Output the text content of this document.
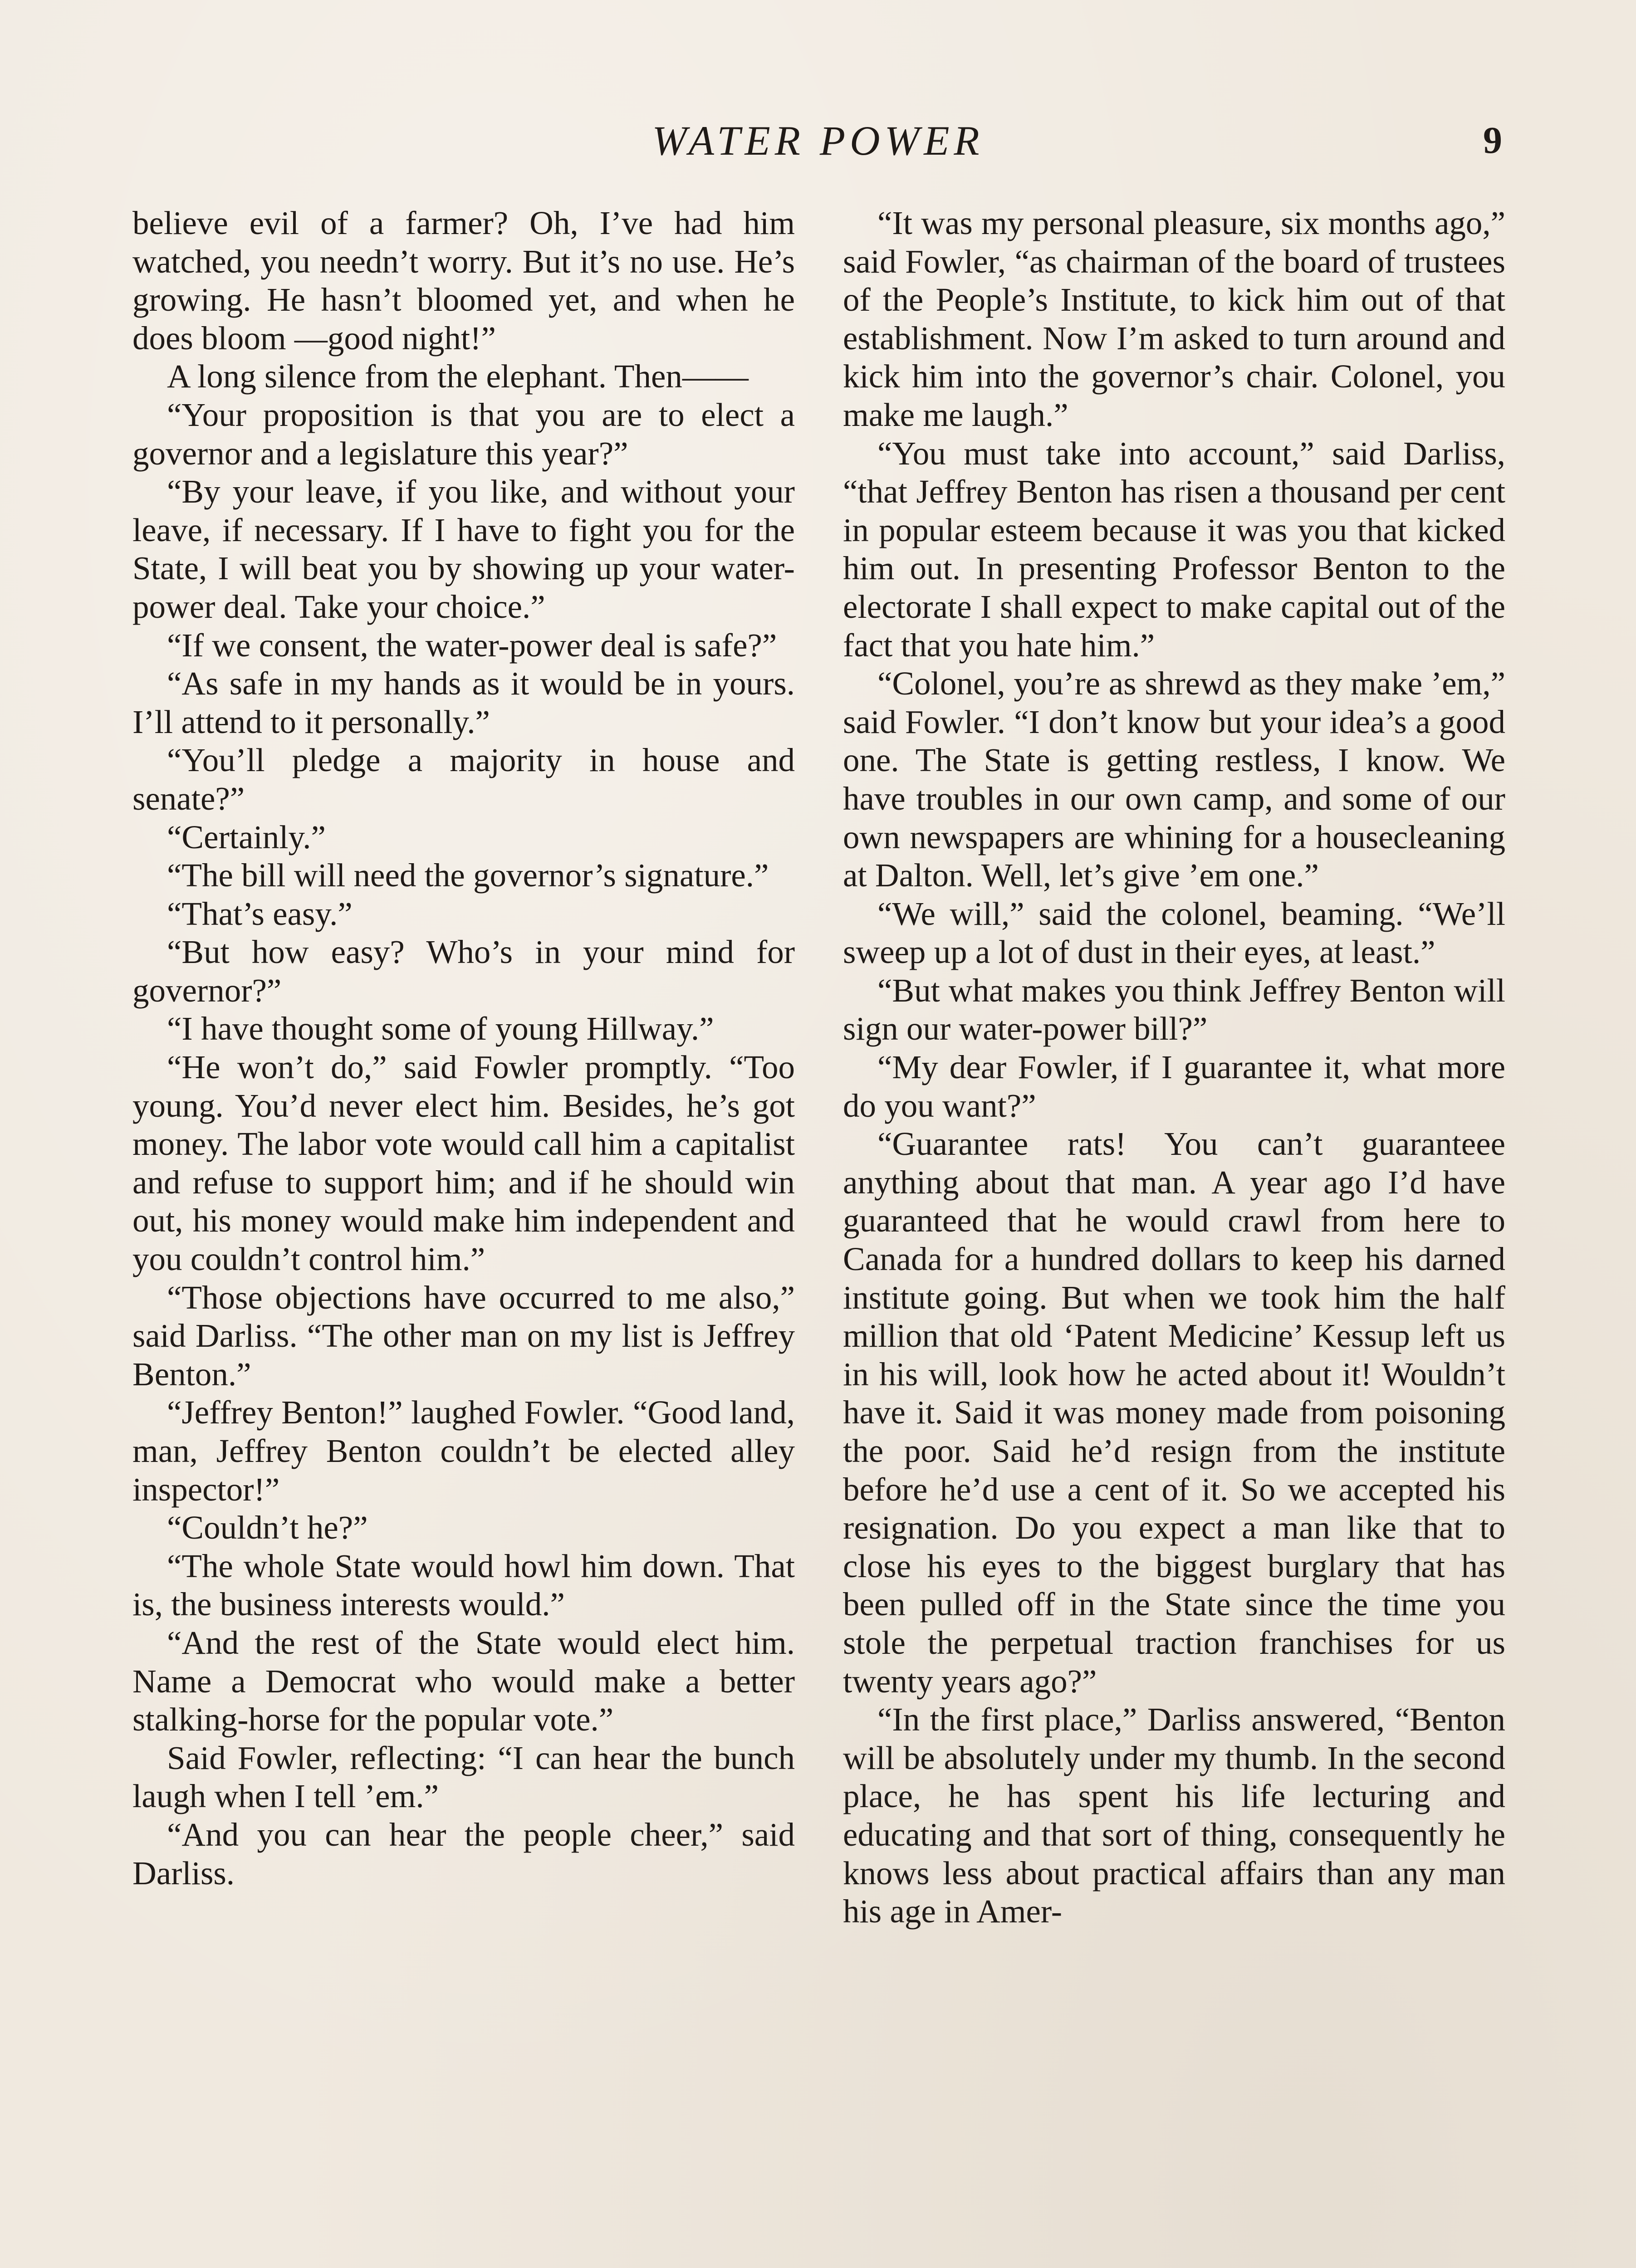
WATER POWER	9

believe evil of a farmer? Oh, I’ve had him watched, you needn’t worry. But it’s no use. He’s growing. He hasn’t bloomed yet, and when he does bloom —good night!”

A long silence from the elephant. Then——

“Your proposition is that you are to elect a governor and a legislature this year?”

“By your leave, if you like, and without your leave, if necessary. If I have to fight you for the State, I will beat you by showing up your water-power deal. Take your choice.”

“If we consent, the water-power deal is safe?”

“As safe in my hands as it would be in yours. I’ll attend to it personally.”

“You’ll pledge a majority in house and senate?”

“Certainly.”

“The bill will need the governor’s signature.”

“That’s easy.”

“But how easy? Who’s in your mind for governor?”

“I have thought some of young Hillway.”

“He won’t do,” said Fowler promptly. “Too young. You’d never elect him. Besides, he’s got money. The labor vote would call him a capitalist and refuse to support him; and if he should win out, his money would make him independent and you couldn’t control him.”

“Those objections have occurred to me also,” said Darliss. “The other man on my list is Jeffrey Benton.”

“Jeffrey Benton!” laughed Fowler. “Good land, man, Jeffrey Benton couldn’t be elected alley inspector!”

“Couldn’t he?”

“The whole State would howl him down. That is, the business interests would.”

“And the rest of the State would elect him. Name a Democrat who would make a better stalking-horse for the popular vote.”

Said Fowler, reflecting: “I can hear the bunch laugh when I tell ’em.”

“And you can hear the people cheer,” said Darliss.

“It was my personal pleasure, six months ago,” said Fowler, “as chairman of the board of trustees of the People’s Institute, to kick him out of that establishment. Now I’m asked to turn around and kick him into the governor’s chair. Colonel, you make me laugh.”

“You must take into account,” said Darliss, “that Jeffrey Benton has risen a thousand per cent in popular esteem because it was you that kicked him out. In presenting Professor Benton to the electorate I shall expect to make capital out of the fact that you hate him.”

“Colonel, you’re as shrewd as they make ’em,” said Fowler. “I don’t know but your idea’s a good one. The State is getting restless, I know. We have troubles in our own camp, and some of our own newspapers are whining for a housecleaning at Dalton. Well, let’s give ’em one.”

“We will,” said the colonel, beaming. “We’ll sweep up a lot of dust in their eyes, at least.”

“But what makes you think Jeffrey Benton will sign our water-power bill?”

“My dear Fowler, if I guarantee it, what more do you want?”

“Guarantee rats! You can’t guaranteee anything about that man. A year ago I’d have guaranteed that he would crawl from here to Canada for a hundred dollars to keep his darned institute going. But when we took him the half million that old ‘Patent Medicine’ Kessup left us in his will, look how he acted about it! Wouldn’t have it. Said it was money made from poisoning the poor. Said he’d resign from the institute before he’d use a cent of it. So we accepted his resignation. Do you expect a man like that to close his eyes to the biggest burglary that has been pulled off in the State since the time you stole the perpetual traction franchises for us twenty years ago?”

“In the first place,” Darliss answered, “Benton will be absolutely under my thumb. In the second place, he has spent his life lecturing and educating and that sort of thing, consequently he knows less about practical affairs than any man his age in Amer-
